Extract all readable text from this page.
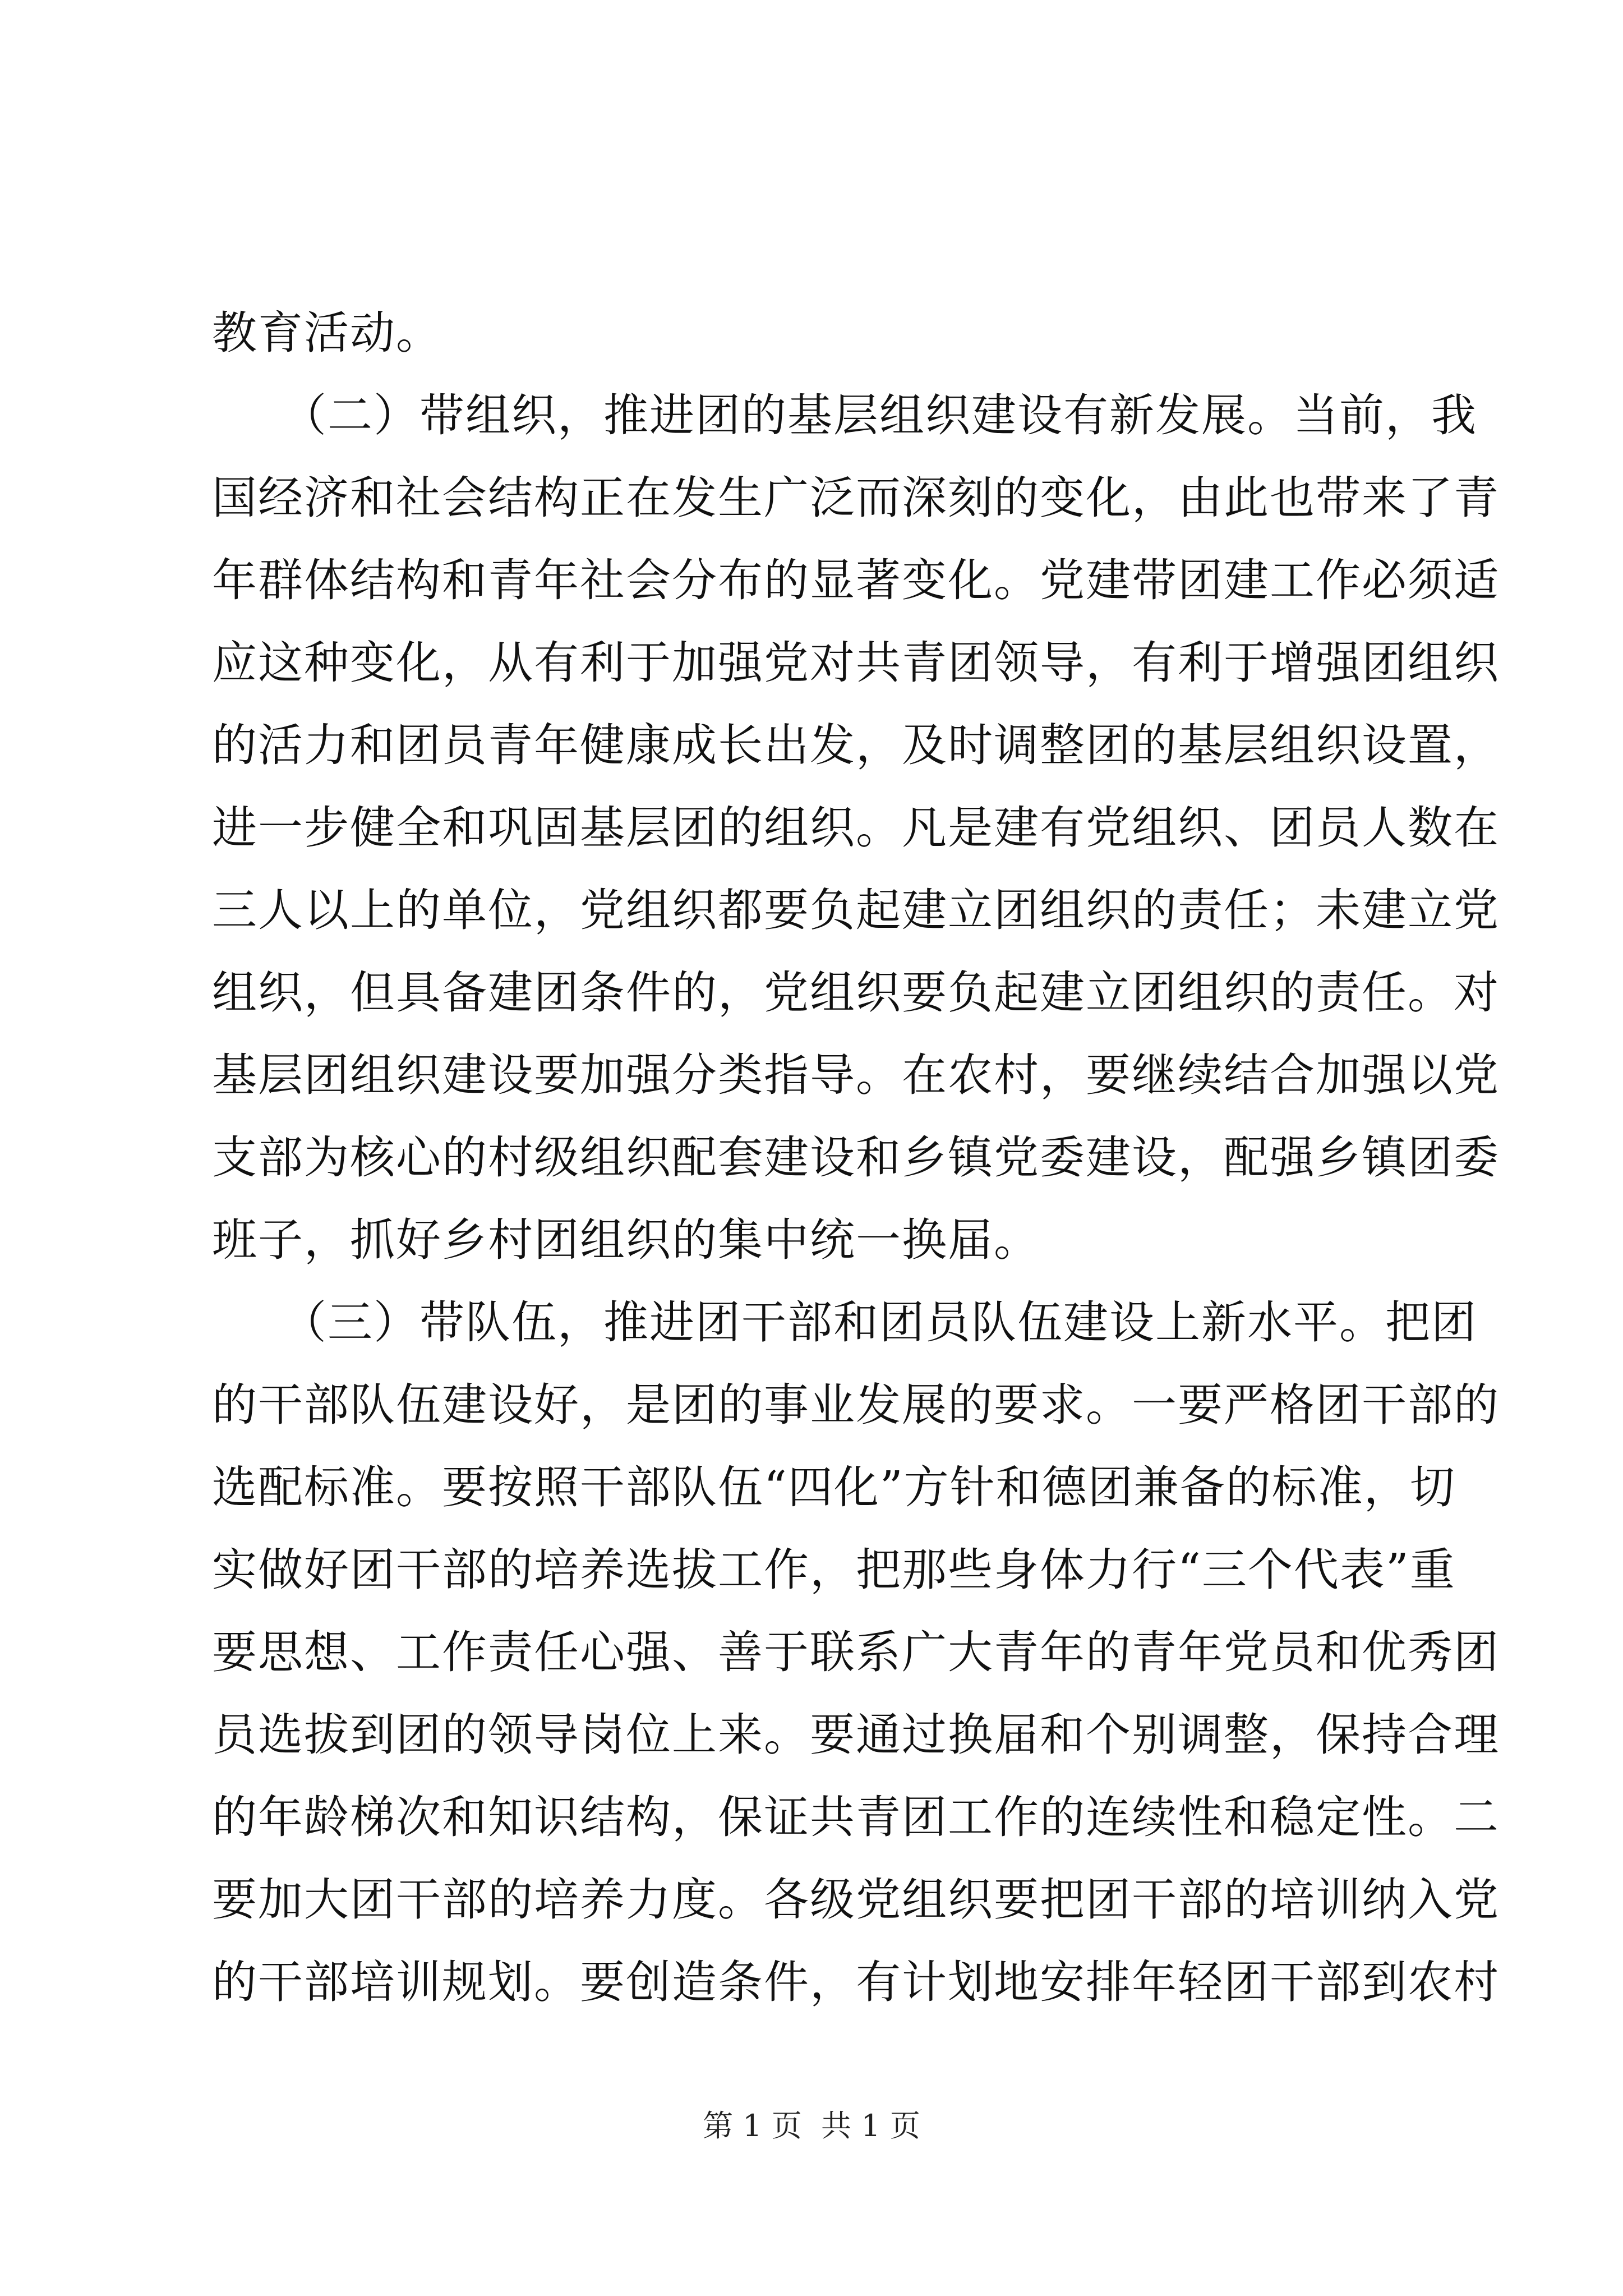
教育活动。
　　（二）带组织，推进团的基层组织建设有新发展。当前，我
国经济和社会结构正在发生广泛而深刻的变化，由此也带来了青
年群体结构和青年社会分布的显著变化。党建带团建工作必须适
应这种变化，从有利于加强党对共青团领导，有利于增强团组织
的活力和团员青年健康成长出发，及时调整团的基层组织设置，
进一步健全和巩固基层团的组织。凡是建有党组织、团员人数在
三人以上的单位，党组织都要负起建立团组织的责任；未建立党
组织，但具备建团条件的，党组织要负起建立团组织的责任。对
基层团组织建设要加强分类指导。在农村，要继续结合加强以党
支部为核心的村级组织配套建设和乡镇党委建设，配强乡镇团委
班子，抓好乡村团组织的集中统一换届。
　　（三）带队伍，推进团干部和团员队伍建设上新水平。把团
的干部队伍建设好，是团的事业发展的要求。一要严格团干部的
选配标准。要按照干部队伍“四化”方针和德团兼备的标准，切
实做好团干部的培养选拔工作，把那些身体力行“三个代表”重
要思想、工作责任心强、善于联系广大青年的青年党员和优秀团
员选拔到团的领导岗位上来。要通过换届和个别调整，保持合理
的年龄梯次和知识结构，保证共青团工作的连续性和稳定性。二
要加大团干部的培养力度。各级党组织要把团干部的培训纳入党
的干部培训规划。要创造条件，有计划地安排年轻团干部到农村
第 1 页  共 1 页
